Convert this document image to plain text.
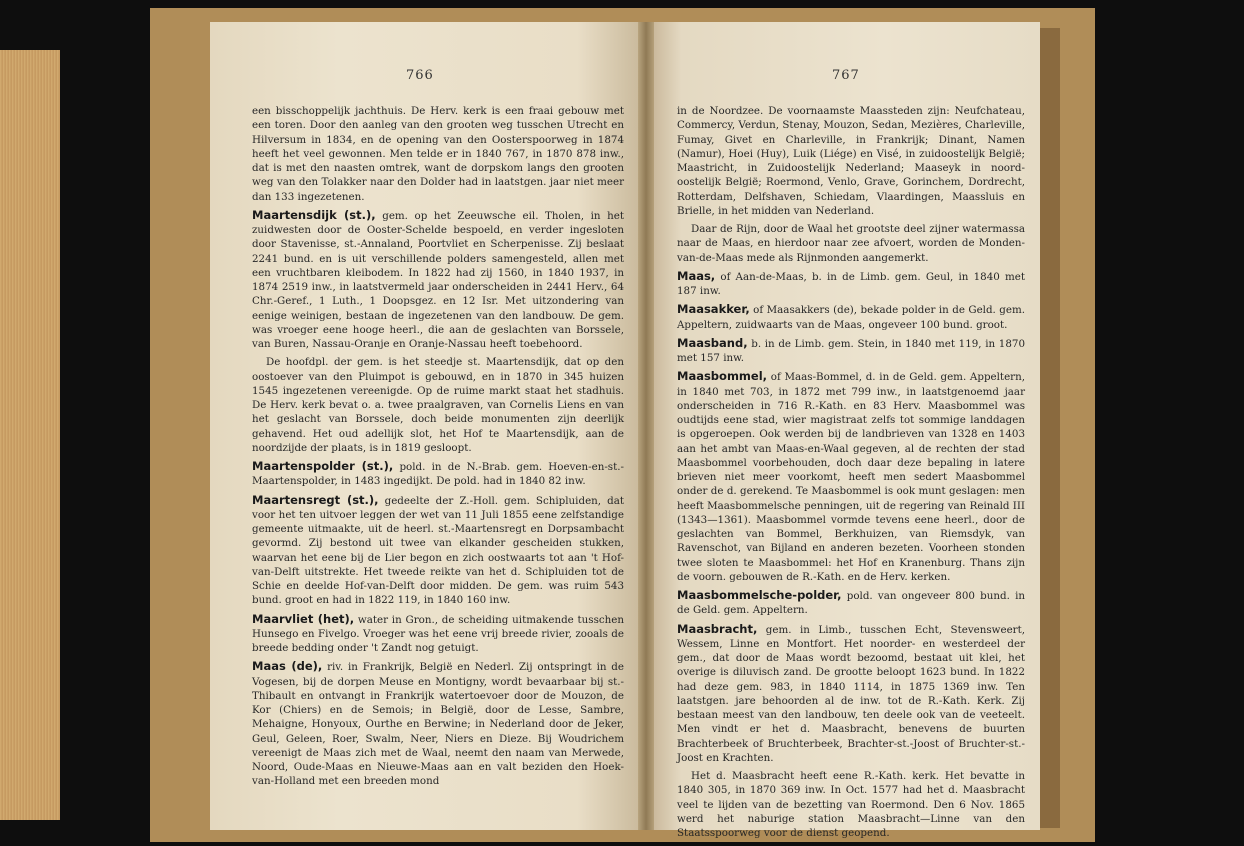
766	767

een bisschoppelijk jachthuis. De Herv. kerk is een fraai gebouw met een toren. Door den aanleg van den grooten weg tusschen Utrecht en Hilversum in 1834, en de opening van den Oosterspoorweg in 1874 heeft het veel gewonnen. Men telde er in 1840 767, in 1870 878 inw., dat is met den naasten omtrek, want de dorpskom langs den grooten weg van den Tolakker naar den Dolder had in laatstgen. jaar niet meer dan 133 ingezetenen.

Maartensdijk (st.), gem. op het Zeeuwsche eil. Tholen, in het zuidwesten door de Ooster-Schelde bespoeld, en verder ingesloten door Stavenisse, st.-Annaland, Poortvliet en Scherpenisse. Zij beslaat 2241 bund. en is uit verschillende polders samengesteld, allen met een vruchtbaren kleibodem. In 1822 had zij 1560, in 1840 1937, in 1874 2519 inw., in laatstvermeld jaar onderscheiden in 2441 Herv., 64 Chr.-Geref., 1 Luth., 1 Doopsgez. en 12 Isr. Met uitzondering van eenige weinigen, bestaan de ingezetenen van den landbouw. De gem. was vroeger eene hooge heerl., die aan de geslachten van Borssele, van Buren, Nassau-Oranje en Oranje-Nassau heeft toebehoord.

De hoofdpl. der gem. is het steedje st. Maartensdijk, dat op den oostoever van den Pluimpot is gebouwd, en in 1870 in 345 huizen 1545 ingezetenen vereenigde. Op de ruime markt staat het stadhuis. De Herv. kerk bevat o. a. twee praalgraven, van Cornelis Liens en van het geslacht van Borssele, doch beide monumenten zijn deerlijk gehavend. Het oud adellijk slot, het Hof te Maartensdijk, aan de noordzijde der plaats, is in 1819 gesloopt.

Maartenspolder (st.), pold. in de N.-Brab. gem. Hoeven-en-st.-Maartenspolder, in 1483 ingedijkt. De pold. had in 1840 82 inw.

Maartensregt (st.), gedeelte der Z.-Holl. gem. Schipluiden, dat voor het ten uitvoer leggen der wet van 11 Juli 1855 eene zelfstandige gemeente uitmaakte, uit de heerl. st.-Maartensregt en Dorpsambacht gevormd. Zij bestond uit twee van elkander gescheiden stukken, waarvan het eene bij de Lier begon en zich oostwaarts tot aan 't Hof-van-Delft uitstrekte. Het tweede reikte van het d. Schipluiden tot de Schie en deelde Hof-van-Delft door midden. De gem. was ruim 543 bund. groot en had in 1822 119, in 1840 160 inw.

Maarvliet (het), water in Gron., de scheiding uitmakende tusschen Hunsego en Fivelgo. Vroeger was het eene vrij breede rivier, zooals de breede bedding onder 't Zandt nog getuigt.

Maas (de), riv. in Frankrijk, België en Nederl. Zij ontspringt in de Vogesen, bij de dorpen Meuse en Montigny, wordt bevaarbaar bij st.-Thibault en ontvangt in Frankrijk watertoevoer door de Mouzon, de Kor (Chiers) en de Semois; in België, door de Lesse, Sambre, Mehaigne, Honyoux, Ourthe en Berwine; in Nederland door de Jeker, Geul, Geleen, Roer, Swalm, Neer, Niers en Dieze. Bij Woudrichem vereenigt de Maas zich met de Waal, neemt den naam van Merwede, Noord, Oude-Maas en Nieuwe-Maas aan en valt beziden den Hoek-van-Holland met een breeden mond

in de Noordzee. De voornaamste Maassteden zijn: Neufchateau, Commercy, Verdun, Stenay, Mouzon, Sedan, Mezières, Charleville, Fumay, Givet en Charleville, in Frankrijk; Dinant, Namen (Namur), Hoei (Huy), Luik (Liége) en Visé, in zuidoostelijk België; Maastricht, in Zuidoostelijk Nederland; Maaseyk in noord-oostelijk België; Roermond, Venlo, Grave, Gorinchem, Dordrecht, Rotterdam, Delfshaven, Schiedam, Vlaardingen, Maassluis en Brielle, in het midden van Nederland.

Daar de Rijn, door de Waal het grootste deel zijner watermassa naar de Maas, en hierdoor naar zee afvoert, worden de Monden-van-de-Maas mede als Rijnmonden aangemerkt.

Maas, of Aan-de-Maas, b. in de Limb. gem. Geul, in 1840 met 187 inw.

Maasakker, of Maasakkers (de), bekade polder in de Geld. gem. Appeltern, zuidwaarts van de Maas, ongeveer 100 bund. groot.

Maasband, b. in de Limb. gem. Stein, in 1840 met 119, in 1870 met 157 inw.

Maasbommel, of Maas-Bommel, d. in de Geld. gem. Appeltern, in 1840 met 703, in 1872 met 799 inw., in laatstgenoemd jaar onderscheiden in 716 R.-Kath. en 83 Herv. Maasbommel was oudtijds eene stad, wier magistraat zelfs tot sommige landdagen is opgeroepen. Ook werden bij de landbrieven van 1328 en 1403 aan het ambt van Maas-en-Waal gegeven, al de rechten der stad Maasbommel voorbehouden, doch daar deze bepaling in latere brieven niet meer voorkomt, heeft men sedert Maasbommel onder de d. gerekend. Te Maasbommel is ook munt geslagen: men heeft Maasbommelsche penningen, uit de regering van Reinald III (1343—1361). Maasbommel vormde tevens eene heerl., door de geslachten van Bommel, Berkhuizen, van Riemsdyk, van Ravenschot, van Bijland en anderen bezeten. Voorheen stonden twee sloten te Maasbommel: het Hof en Kranenburg. Thans zijn de voorn. gebouwen de R.-Kath. en de Herv. kerken.

Maasbommelsche-polder, pold. van ongeveer 800 bund. in de Geld. gem. Appeltern.

Maasbracht, gem. in Limb., tusschen Echt, Stevensweert, Wessem, Linne en Montfort. Het noorder- en westerdeel der gem., dat door de Maas wordt bezoomd, bestaat uit klei, het overige is diluvisch zand. De grootte beloopt 1623 bund. In 1822 had deze gem. 983, in 1840 1114, in 1875 1369 inw. Ten laatstgen. jare behoorden al de inw. tot de R.-Kath. Kerk. Zij bestaan meest van den landbouw, ten deele ook van de veeteelt. Men vindt er het d. Maasbracht, benevens de buurten Brachterbeek of Bruchterbeek, Brachter-st.-Joost of Bruchter-st.-Joost en Krachten.

Het d. Maasbracht heeft eene R.-Kath. kerk. Het bevatte in 1840 305, in 1870 369 inw. In Oct. 1577 had het d. Maasbracht veel te lijden van de bezetting van Roermond. Den 6 Nov. 1865 werd het naburige station Maasbracht—Linne van den Staatsspoorweg voor de dienst geopend.
